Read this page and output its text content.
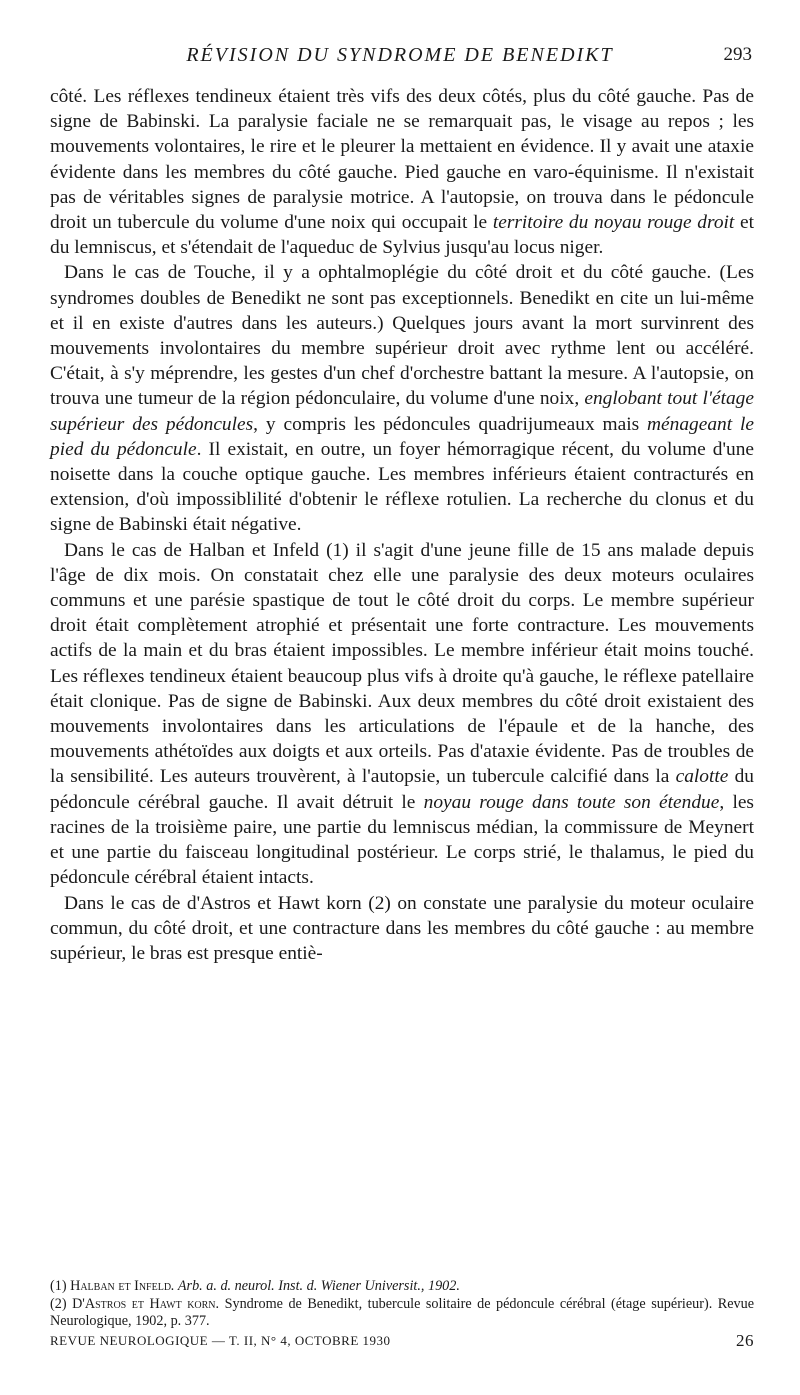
RÉVISION DU SYNDROME DE BENEDIKT	293

côté. Les réflexes tendineux étaient très vifs des deux côtés, plus du côté gauche. Pas de signe de Babinski. La paralysie faciale ne se remarquait pas, le visage au repos ; les mouvements volontaires, le rire et le pleurer la mettaient en évidence. Il y avait une ataxie évidente dans les membres du côté gauche. Pied gauche en varo-équinisme. Il n'existait pas de véritables signes de paralysie motrice. A l'autopsie, on trouva dans le pédoncule droit un tubercule du volume d'une noix qui occupait le territoire du noyau rouge droit et du lemniscus, et s'étendait de l'aqueduc de Sylvius jusqu'au locus niger.

Dans le cas de Touche, il y a ophtalmoplégie du côté droit et du côté gauche. (Les syndromes doubles de Benedikt ne sont pas exceptionnels. Benedikt en cite un lui-même et il en existe d'autres dans les auteurs.) Quelques jours avant la mort survinrent des mouvements involontaires du membre supérieur droit avec rythme lent ou accéléré. C'était, à s'y méprendre, les gestes d'un chef d'orchestre battant la mesure. A l'autopsie, on trouva une tumeur de la région pédonculaire, du volume d'une noix, englobant tout l'étage supérieur des pédoncules, y compris les pédoncules quadrijumeaux mais ménageant le pied du pédoncule. Il existait, en outre, un foyer hémorragique récent, du volume d'une noisette dans la couche optique gauche. Les membres inférieurs étaient contracturés en extension, d'où impossiblilité d'obtenir le réflexe rotulien. La recherche du clonus et du signe de Babinski était négative.

Dans le cas de Halban et Infeld (1) il s'agit d'une jeune fille de 15 ans malade depuis l'âge de dix mois. On constatait chez elle une paralysie des deux moteurs oculaires communs et une parésie spastique de tout le côté droit du corps. Le membre supérieur droit était complètement atrophié et présentait une forte contracture. Les mouvements actifs de la main et du bras étaient impossibles. Le membre inférieur était moins touché. Les réflexes tendineux étaient beaucoup plus vifs à droite qu'à gauche, le réflexe patellaire était clonique. Pas de signe de Babinski. Aux deux membres du côté droit existaient des mouvements involontaires dans les articulations de l'épaule et de la hanche, des mouvements athétoïdes aux doigts et aux orteils. Pas d'ataxie évidente. Pas de troubles de la sensibilité. Les auteurs trouvèrent, à l'autopsie, un tubercule calcifié dans la calotte du pédoncule cérébral gauche. Il avait détruit le noyau rouge dans toute son étendue, les racines de la troisième paire, une partie du lemniscus médian, la commissure de Meynert et une partie du faisceau longitudinal postérieur. Le corps strié, le thalamus, le pied du pédoncule cérébral étaient intacts.

Dans le cas de d'Astros et Hawt korn (2) on constate une paralysie du moteur oculaire commun, du côté droit, et une contracture dans les membres du côté gauche : au membre supérieur, le bras est presque entiè-

(1) Halban et Infeld. Arb. a. d. neurol. Inst. d. Wiener Universit., 1902.

(2) D'Astros et Hawt korn. Syndrome de Benedikt, tubercule solitaire de pédoncule cérébral (étage supérieur). Revue Neurologique, 1902, p. 377.

REVUE NEUROLOGIQUE — T. II, N° 4, OCTOBRE 1930	26
